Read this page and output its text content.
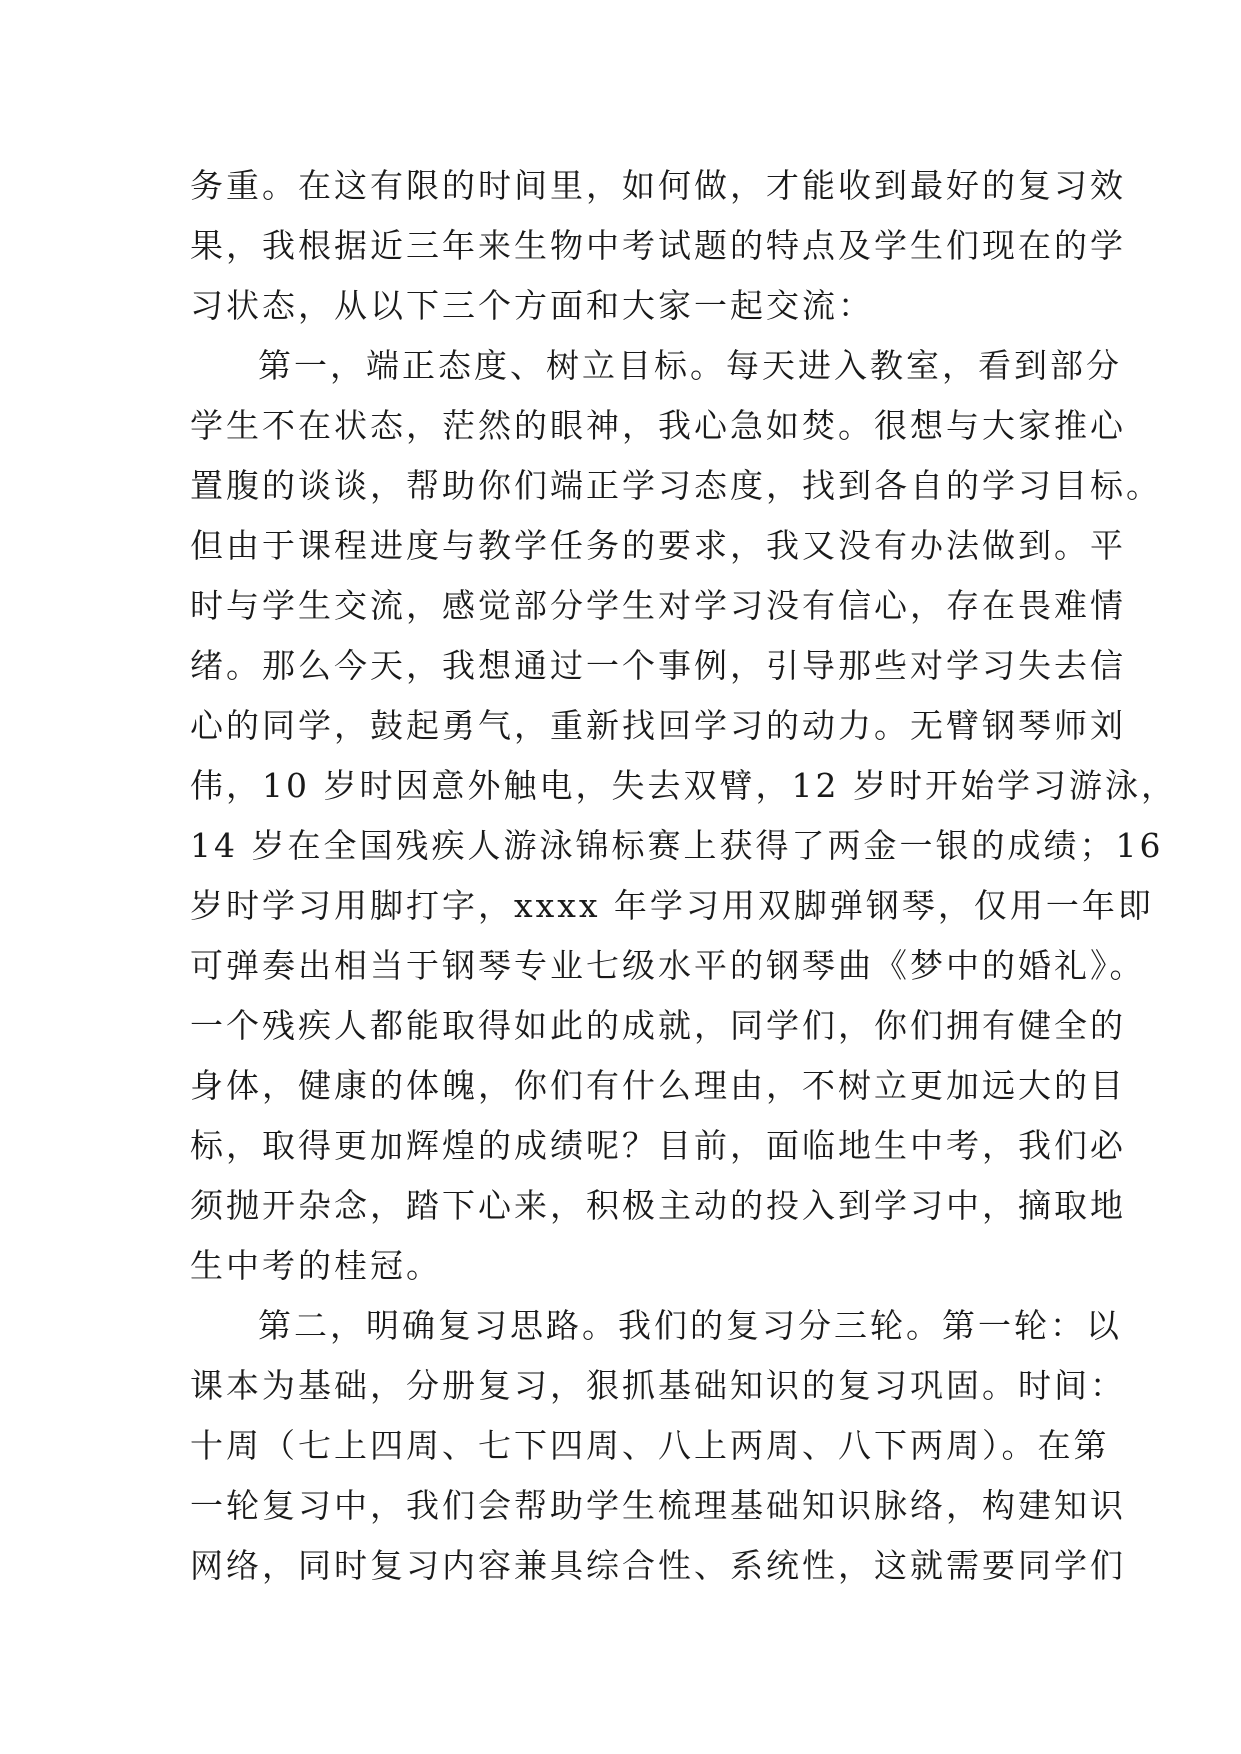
务重。在这有限的时间里，如何做，才能收到最好的复习效
果，我根据近三年来生物中考试题的特点及学生们现在的学
习状态，从以下三个方面和大家一起交流：
第一，端正态度、树立目标。每天进入教室，看到部分
学生不在状态，茫然的眼神，我心急如焚。很想与大家推心
置腹的谈谈，帮助你们端正学习态度，找到各自的学习目标。
但由于课程进度与教学任务的要求，我又没有办法做到。平
时与学生交流，感觉部分学生对学习没有信心，存在畏难情
绪。那么今天，我想通过一个事例，引导那些对学习失去信
心的同学，鼓起勇气，重新找回学习的动力。无臂钢琴师刘
伟，10 岁时因意外触电，失去双臂，12 岁时开始学习游泳，
14 岁在全国残疾人游泳锦标赛上获得了两金一银的成绩；16
岁时学习用脚打字，xxxx 年学习用双脚弹钢琴，仅用一年即
可弹奏出相当于钢琴专业七级水平的钢琴曲《梦中的婚礼》。
一个残疾人都能取得如此的成就，同学们，你们拥有健全的
身体，健康的体魄，你们有什么理由，不树立更加远大的目
标，取得更加辉煌的成绩呢？目前，面临地生中考，我们必
须抛开杂念，踏下心来，积极主动的投入到学习中，摘取地
生中考的桂冠。
第二，明确复习思路。我们的复习分三轮。第一轮：以
课本为基础，分册复习，狠抓基础知识的复习巩固。时间：
十周（七上四周、七下四周、八上两周、八下两周）。在第
一轮复习中，我们会帮助学生梳理基础知识脉络，构建知识
网络，同时复习内容兼具综合性、系统性，这就需要同学们
